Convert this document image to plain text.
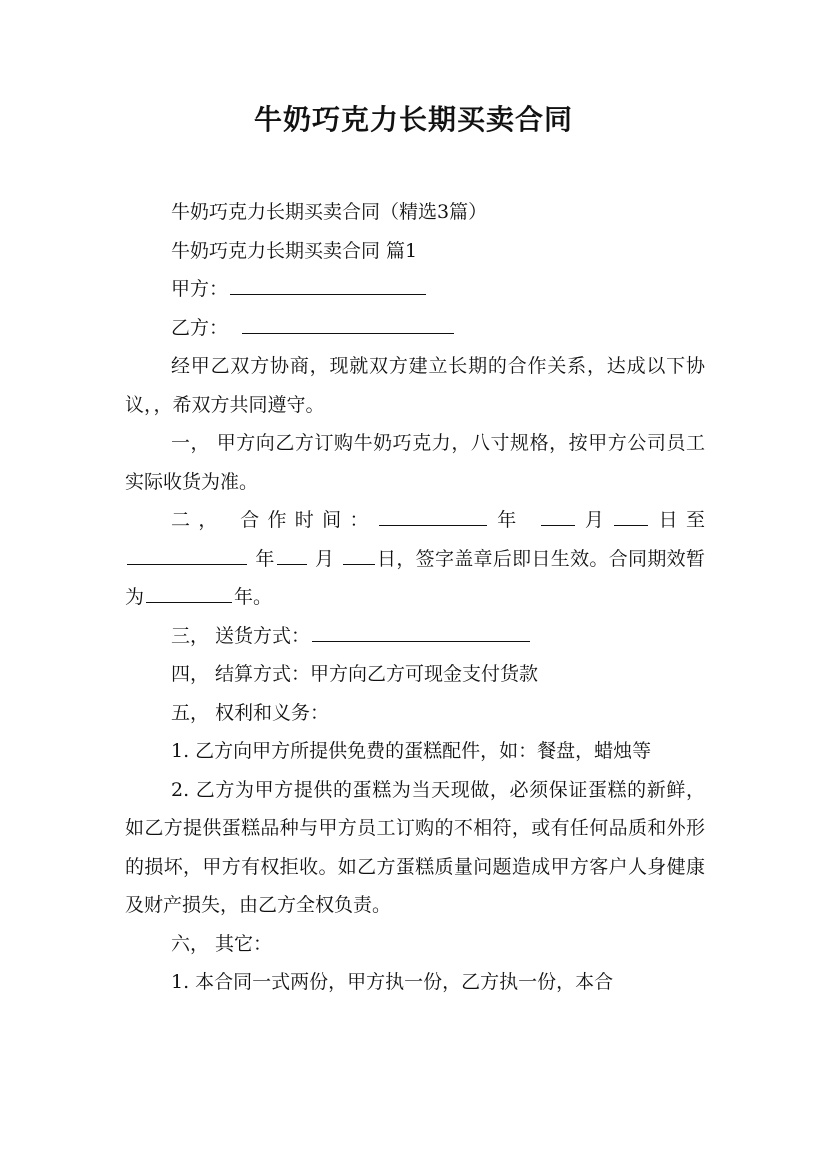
牛奶巧克力长期买卖合同

牛奶巧克力长期买卖合同（精选3篇）

牛奶巧克力长期买卖合同 篇1

甲方：

乙方：

经甲乙双方协商，现就双方建立长期的合作关系，达成以下协议，，希双方共同遵守。

一， 甲方向乙方订购牛奶巧克力，八寸规格，按甲方公司员工实际收货为准。

二， 合作时间：	年	月 日至 年 月 日，签字盖章后即日生效。合同期效暂为	年。

三， 送货方式：

四， 结算方式：甲方向乙方可现金支付货款

五， 权利和义务：

1. 乙方向甲方所提供免费的蛋糕配件，如：餐盘，蜡烛等

2. 乙方为甲方提供的蛋糕为当天现做，必须保证蛋糕的新鲜，如乙方提供蛋糕品种与甲方员工订购的不相符，或有任何品质和外形的损坏，甲方有权拒收。如乙方蛋糕质量问题造成甲方客户人身健康及财产损失，由乙方全权负责。

六， 其它：

1. 本合同一式两份，甲方执一份，乙方执一份，本合
